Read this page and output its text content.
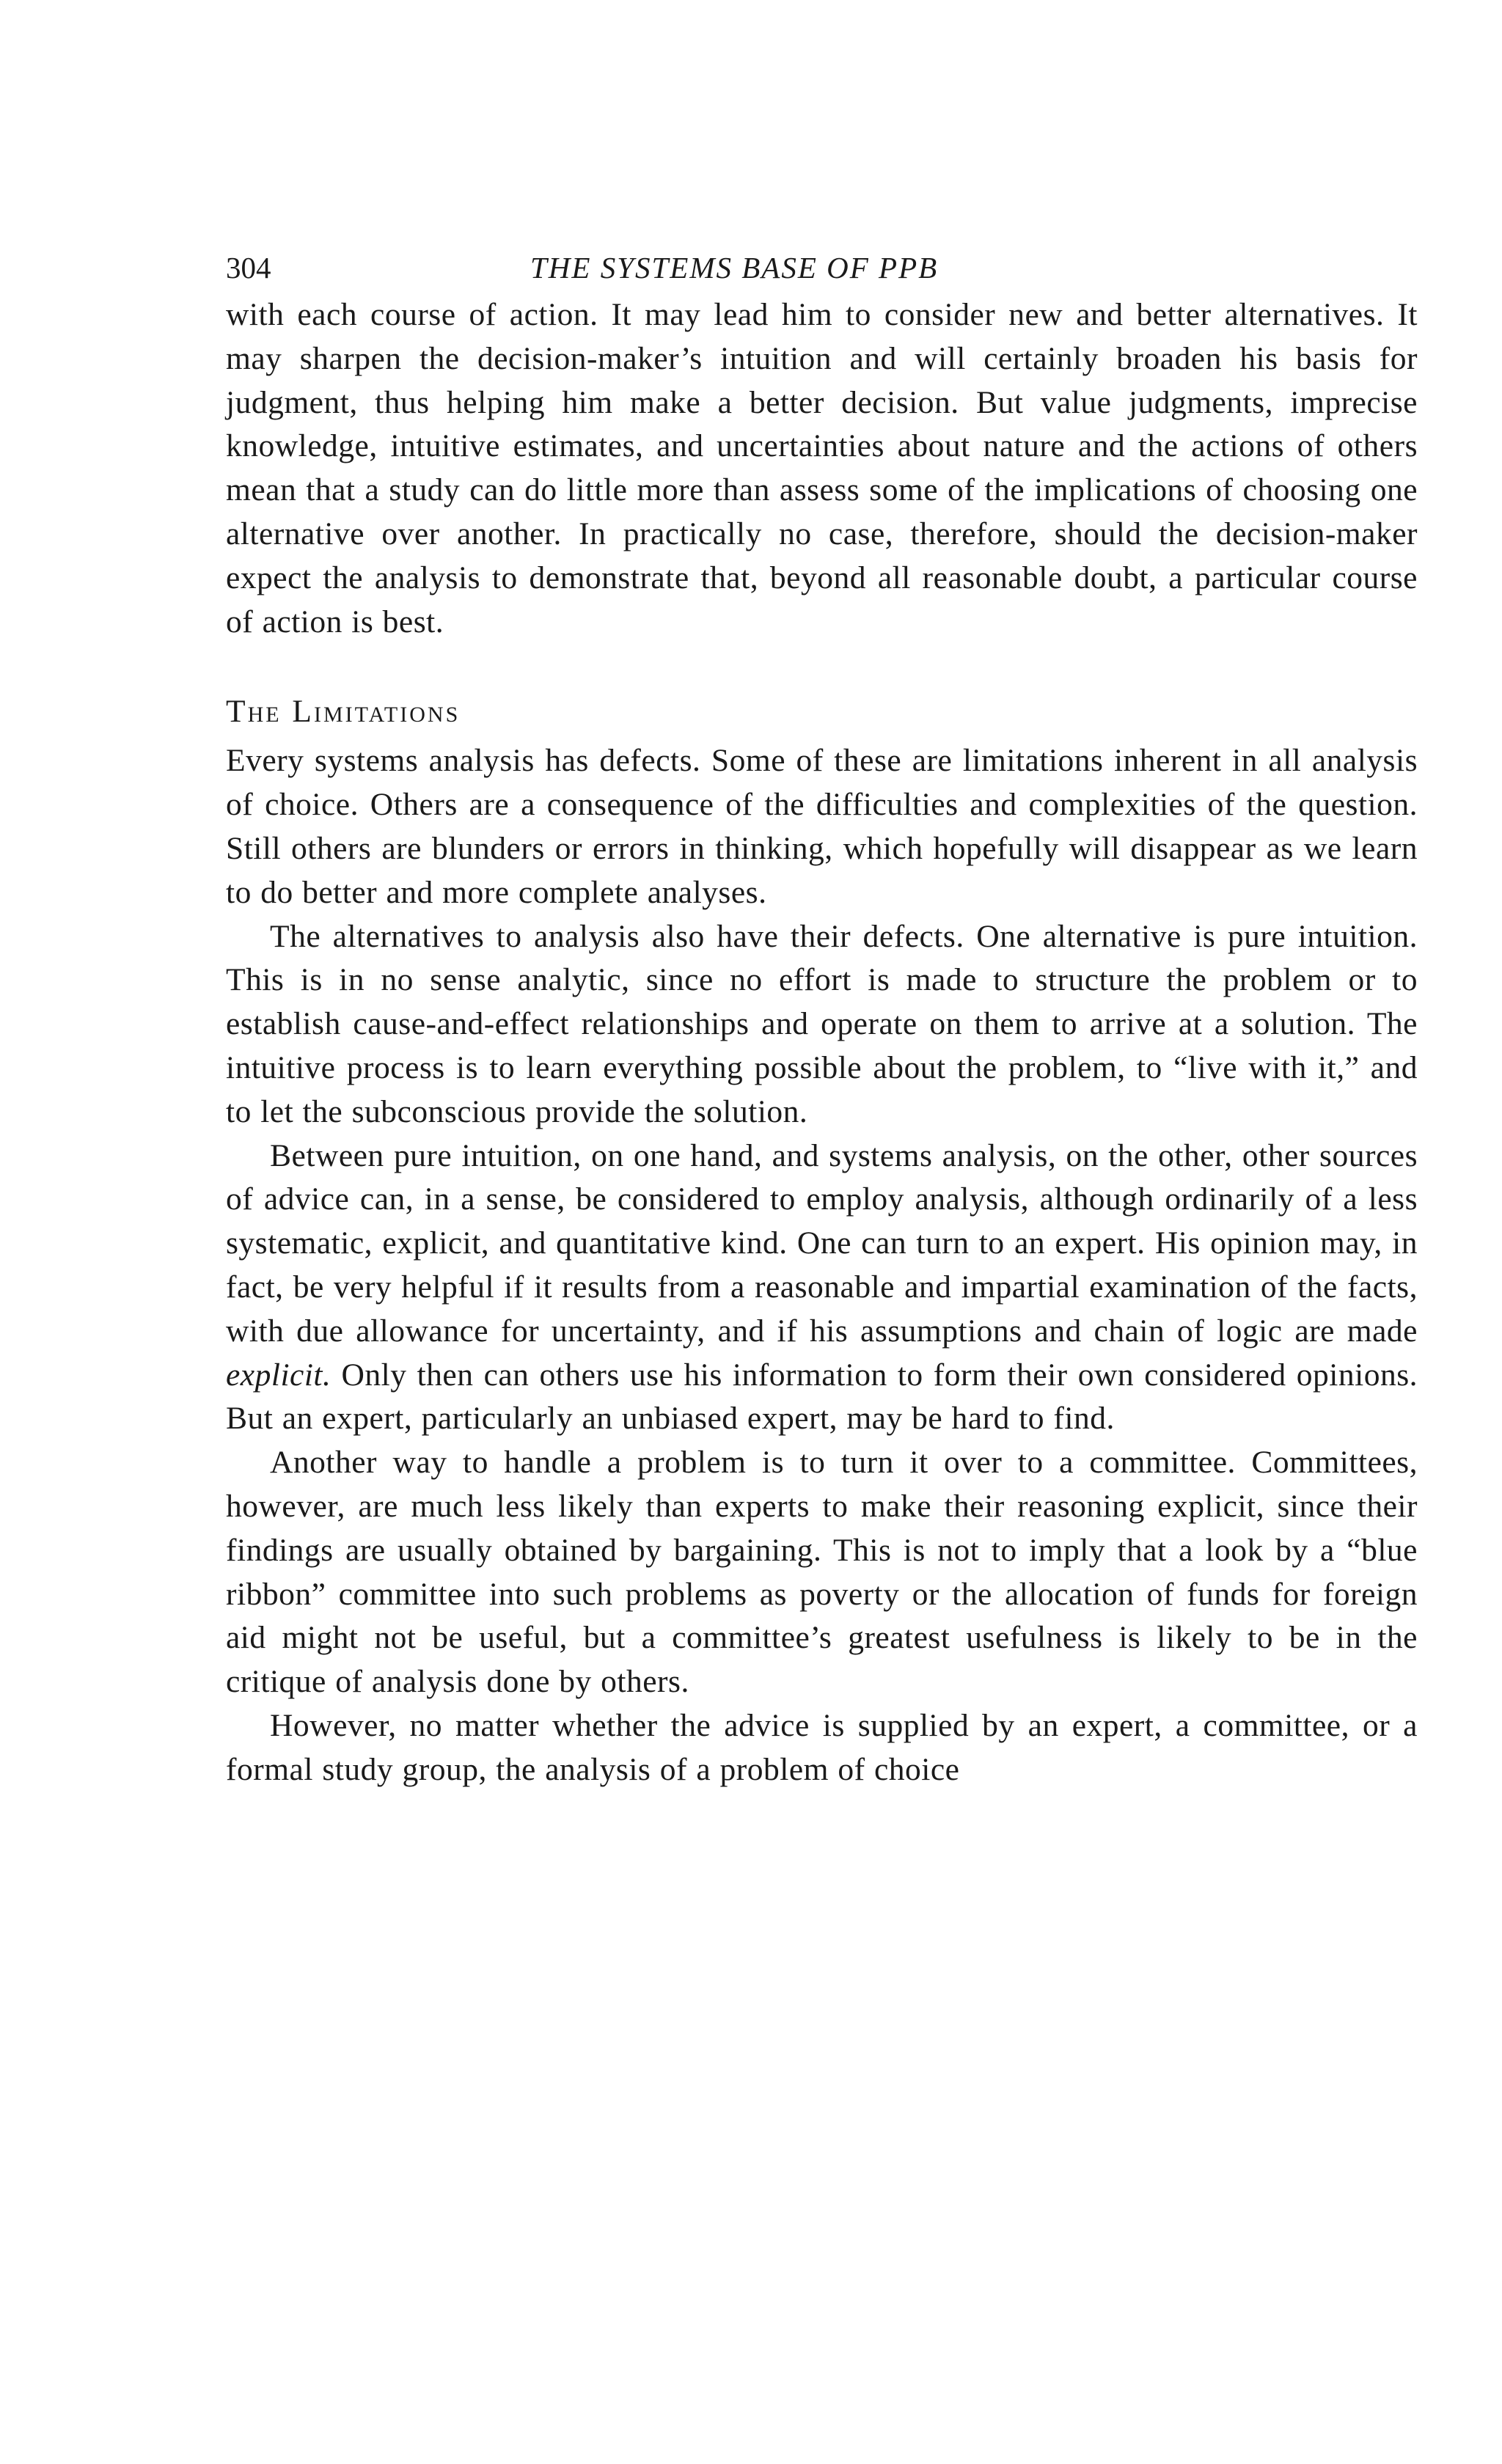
304	THE SYSTEMS BASE OF PPB

with each course of action. It may lead him to consider new and better alternatives. It may sharpen the decision-maker’s intuition and will certainly broaden his basis for judgment, thus helping him make a better decision. But value judgments, imprecise knowledge, intuitive estimates, and uncertainties about nature and the actions of others mean that a study can do little more than assess some of the implications of choosing one alternative over another. In practically no case, therefore, should the decision-maker expect the analysis to demonstrate that, beyond all reasonable doubt, a particular course of action is best.

The Limitations

Every systems analysis has defects. Some of these are limitations inherent in all analysis of choice. Others are a consequence of the difficulties and complexities of the question. Still others are blunders or errors in thinking, which hopefully will disappear as we learn to do better and more complete analyses.

The alternatives to analysis also have their defects. One alternative is pure intuition. This is in no sense analytic, since no effort is made to structure the problem or to establish cause-and-effect relationships and operate on them to arrive at a solution. The intuitive process is to learn everything possible about the problem, to “live with it,” and to let the subconscious provide the solution.

Between pure intuition, on one hand, and systems analysis, on the other, other sources of advice can, in a sense, be considered to employ analysis, although ordinarily of a less systematic, explicit, and quantitative kind. One can turn to an expert. His opinion may, in fact, be very helpful if it results from a reasonable and impartial examination of the facts, with due allowance for uncertainty, and if his assumptions and chain of logic are made explicit. Only then can others use his information to form their own considered opinions. But an expert, particularly an unbiased expert, may be hard to find.

Another way to handle a problem is to turn it over to a committee. Committees, however, are much less likely than experts to make their reasoning explicit, since their findings are usually obtained by bargaining. This is not to imply that a look by a “blue ribbon” committee into such problems as poverty or the allocation of funds for foreign aid might not be useful, but a committee’s greatest usefulness is likely to be in the critique of analysis done by others.

However, no matter whether the advice is supplied by an expert, a committee, or a formal study group, the analysis of a problem of choice
